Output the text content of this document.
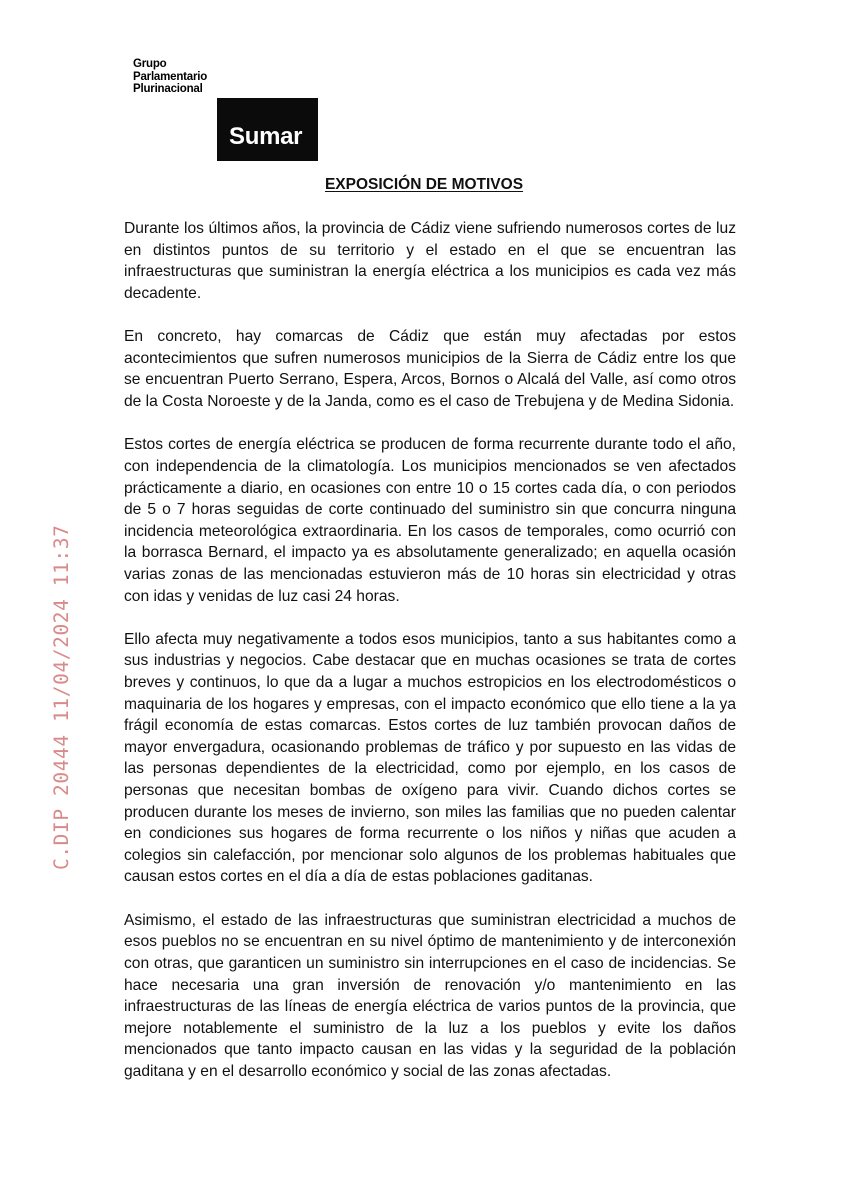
Grupo
Parlamentario
Plurinacional
Sumar
C.DIP 20444 11/04/2024 11:37
EXPOSICIÓN DE MOTIVOS

Durante los últimos años, la provincia de Cádiz viene sufriendo numerosos cortes de luz en distintos puntos de su territorio y el estado en el que se encuentran las infraestructuras que suministran la energía eléctrica a los municipios es cada vez más decadente.

En concreto, hay comarcas de Cádiz que están muy afectadas por estos acontecimientos que sufren numerosos municipios de la Sierra de Cádiz entre los que se encuentran Puerto Serrano, Espera, Arcos, Bornos o Alcalá del Valle, así como otros de la Costa Noroeste y de la Janda, como es el caso de Trebujena y de Medina Sidonia.

Estos cortes de energía eléctrica se producen de forma recurrente durante todo el año, con independencia de la climatología. Los municipios mencionados se ven afectados prácticamente a diario, en ocasiones con entre 10 o 15 cortes cada día, o con periodos de 5 o 7 horas seguidas de corte continuado del suministro sin que concurra ninguna incidencia meteorológica extraordinaria. En los casos de temporales, como ocurrió con la borrasca Bernard, el impacto ya es absolutamente generalizado; en aquella ocasión varias zonas de las mencionadas estuvieron más de 10 horas sin electricidad y otras con idas y venidas de luz casi 24 horas.

Ello afecta muy negativamente a todos esos municipios, tanto a sus habitantes como a sus industrias y negocios. Cabe destacar que en muchas ocasiones se trata de cortes breves y continuos, lo que da a lugar a muchos estropicios en los electrodomésticos o maquinaria de los hogares y empresas, con el impacto económico que ello tiene a la ya frágil economía de estas comarcas. Estos cortes de luz también provocan daños de mayor envergadura, ocasionando problemas de tráfico y por supuesto en las vidas de las personas dependientes de la electricidad, como por ejemplo, en los casos de personas que necesitan bombas de oxígeno para vivir. Cuando dichos cortes se producen durante los meses de invierno, son miles las familias que no pueden calentar en condiciones sus hogares de forma recurrente o los niños y niñas que acuden a colegios sin calefacción, por mencionar solo algunos de los problemas habituales que causan estos cortes en el día a día de estas poblaciones gaditanas.

Asimismo, el estado de las infraestructuras que suministran electricidad a muchos de esos pueblos no se encuentran en su nivel óptimo de mantenimiento y de interconexión con otras, que garanticen un suministro sin interrupciones en el caso de incidencias. Se hace necesaria una gran inversión de renovación y/o mantenimiento en las infraestructuras de las líneas de energía eléctrica de varios puntos de la provincia, que mejore notablemente el suministro de la luz a los pueblos y evite los daños mencionados que tanto impacto causan en las vidas y la seguridad de la población gaditana y en el desarrollo económico y social de las zonas afectadas.
